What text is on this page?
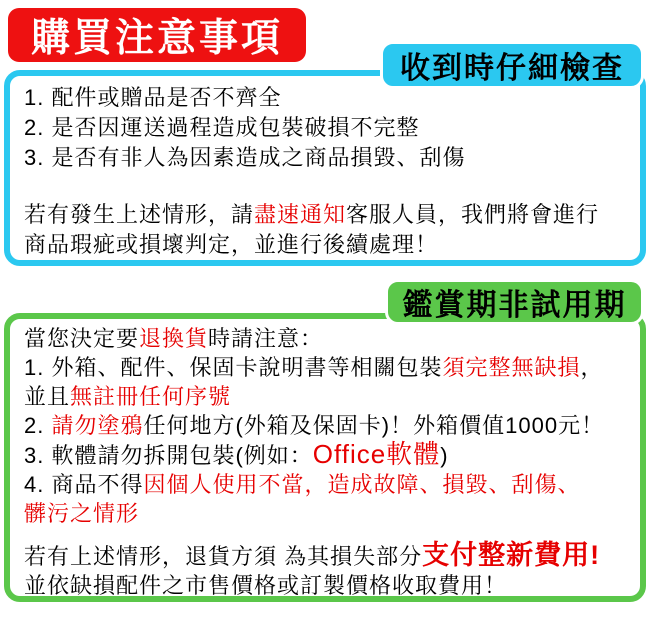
購買注意事項
收到時仔細檢查
1. 配件或贈品是否不齊全
2. 是否因運送過程造成包裝破損不完整
3. 是否有非人為因素造成之商品損毀、刮傷
若有發生上述情形，請盡速通知客服人員，我們將會進行
商品瑕疵或損壞判定，並進行後續處理！
鑑賞期非試用期
當您決定要退換貨時請注意：
1. 外箱、配件、保固卡說明書等相關包裝須完整無缺損，
並且無註冊任何序號
2. 請勿塗鴉任何地方(外箱及保固卡)！外箱價值1000元！
3. 軟體請勿拆開包裝(例如：Office軟體)
4. 商品不得因個人使用不當，造成故障、損毀、刮傷、
髒污之情形
若有上述情形，退貨方須 為其損失部分支付整新費用!
並依缺損配件之市售價格或訂製價格收取費用！
